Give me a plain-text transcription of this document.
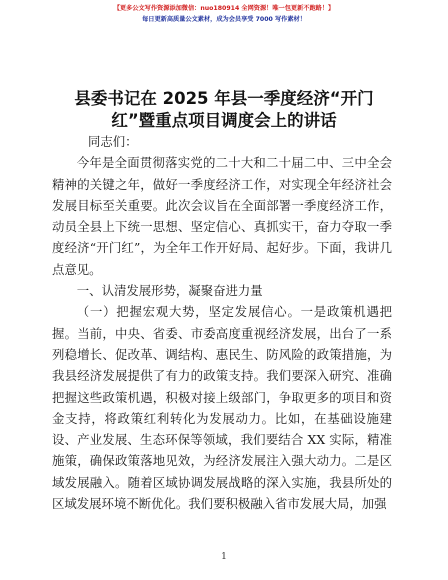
【更多公文写作资源添加微信：nuo180914 全网资源！唯一包更新不跑路！】
每日更新高质量公文素材，成为会员享受 7000 写作素材！
县委书记在 2025 年县一季度经济“开门红”暨重点项目调度会上的讲话

同志们：

今年是全面贯彻落实党的二十大和二十届二中、三中全会精神的关键之年，做好一季度经济工作，对实现全年经济社会发展目标至关重要。此次会议旨在全面部署一季度经济工作，动员全县上下统一思想、坚定信心、真抓实干，奋力夺取一季度经济“开门红”，为全年工作开好局、起好步。下面，我讲几点意见。

一、认清发展形势，凝聚奋进力量

（一）把握宏观大势，坚定发展信心。一是政策机遇把握。当前，中央、省委、市委高度重视经济发展，出台了一系列稳增长、促改革、调结构、惠民生、防风险的政策措施，为我县经济发展提供了有力的政策支持。我们要深入研究、准确把握这些政策机遇，积极对接上级部门，争取更多的项目和资金支持，将政策红利转化为发展动力。比如，在基础设施建设、产业发展、生态环保等领域，我们要结合 XX 实际，精准施策，确保政策落地见效，为经济发展注入强大动力。二是区域发展融入。随着区域协调发展战略的深入实施，我县所处的区域发展环境不断优化。我们要积极融入省市发展大局，加强

1
